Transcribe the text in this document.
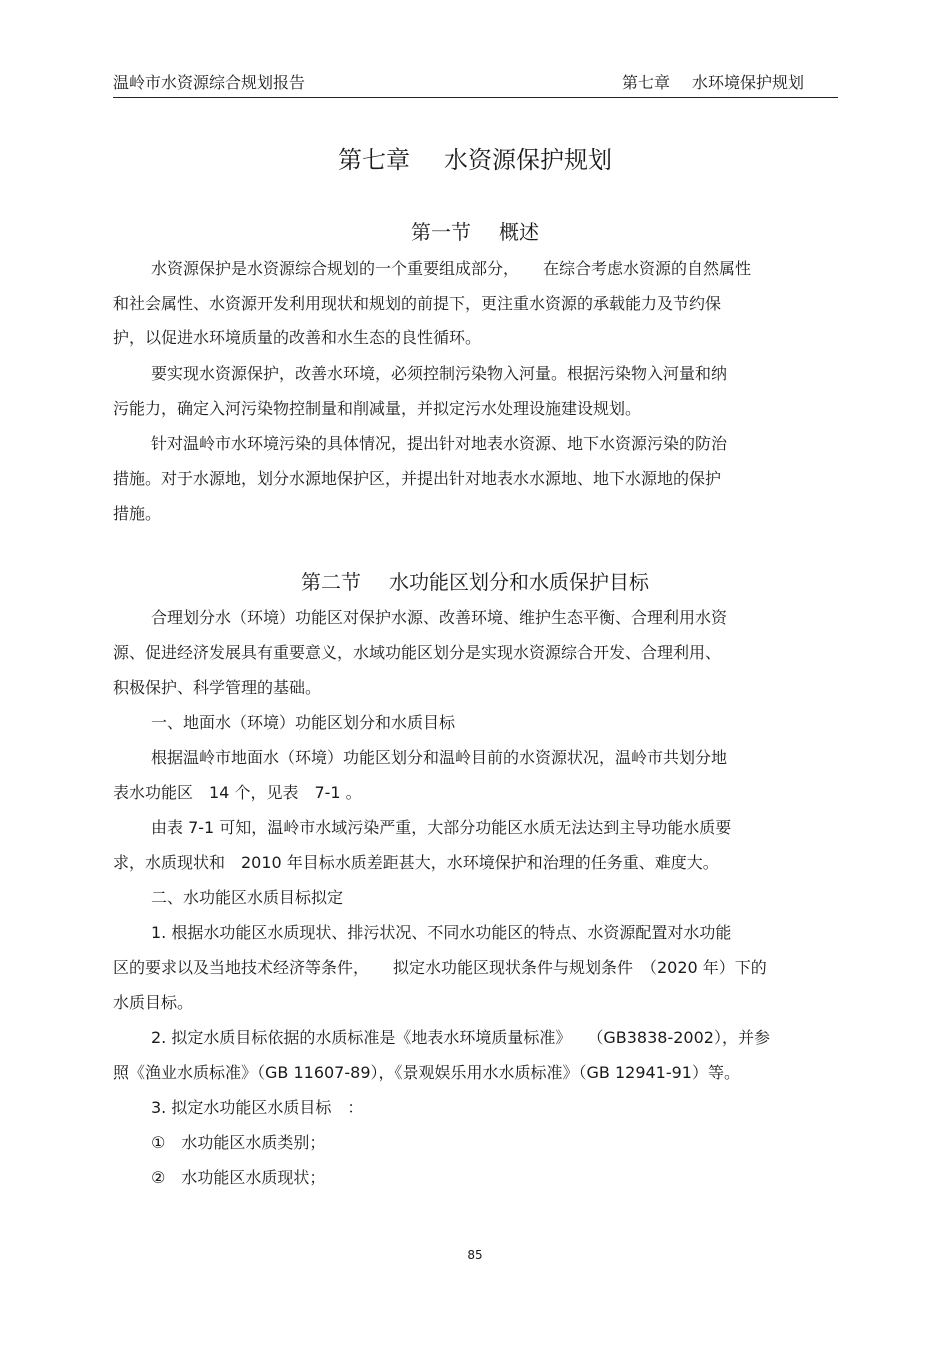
温岭市水资源综合规划报告	第七章 水环境保护规划
第七章 水资源保护规划
第一节 概述
水资源保护是水资源综合规划的一个重要组成部分，　　在综合考虑水资源的自然属性
和社会属性、水资源开发利用现状和规划的前提下，更注重水资源的承载能力及节约保
护，以促进水环境质量的改善和水生态的良性循环。
要实现水资源保护，改善水环境，必须控制污染物入河量。根据污染物入河量和纳
污能力，确定入河污染物控制量和削减量，并拟定污水处理设施建设规划。
针对温岭市水环境污染的具体情况，提出针对地表水资源、地下水资源污染的防治
措施。对于水源地，划分水源地保护区，并提出针对地表水水源地、地下水源地的保护
措施。
第二节 水功能区划分和水质保护目标
合理划分水（环境）功能区对保护水源、改善环境、维护生态平衡、合理利用水资
源、促进经济发展具有重要意义，水域功能区划分是实现水资源综合开发、合理利用、
积极保护、科学管理的基础。
一、地面水（环境）功能区划分和水质目标
根据温岭市地面水（环境）功能区划分和温岭目前的水资源状况，温岭市共划分地
表水功能区　14 个，见表　7-1 。
由表 7-1 可知，温岭市水域污染严重，大部分功能区水质无法达到主导功能水质要
求，水质现状和　2010 年目标水质差距甚大，水环境保护和治理的任务重、难度大。
二、水功能区水质目标拟定
1. 根据水功能区水质现状、排污状况、不同水功能区的特点、水资源配置对水功能
区的要求以及当地技术经济等条件，　　拟定水功能区现状条件与规划条件　（2020 年）下的
水质目标。
2. 拟定水质目标依据的水质标准是《地表水环境质量标准》　　（GB3838-2002），并参
照《渔业水质标准》（GB 11607-89），《景观娱乐用水水质标准》（GB 12941-91）等。
3. 拟定水功能区水质目标　：
①　水功能区水质类别；
②　水功能区水质现状；
85
